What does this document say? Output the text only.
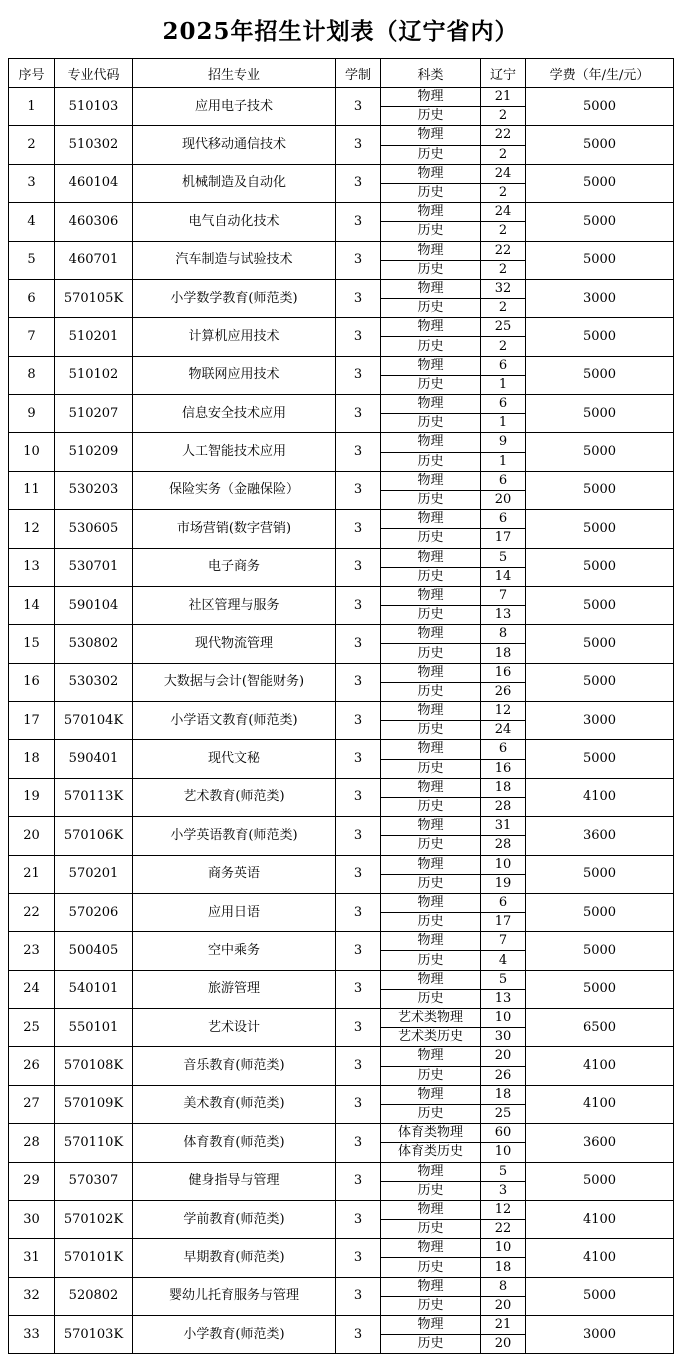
2025年招生计划表（辽宁省内）
序号	专业代码	招生专业	学制	科类	辽宁	学费（年/生/元）
1	510103	应用电子技术	3	物理	21	5000
				历史	2	
2	510302	现代移动通信技术	3	物理	22	5000
				历史	2	
3	460104	机械制造及自动化	3	物理	24	5000
				历史	2	
4	460306	电气自动化技术	3	物理	24	5000
				历史	2	
5	460701	汽车制造与试验技术	3	物理	22	5000
				历史	2	
6	570105K	小学数学教育(师范类)	3	物理	32	3000
				历史	2	
7	510201	计算机应用技术	3	物理	25	5000
				历史	2	
8	510102	物联网应用技术	3	物理	6	5000
				历史	1	
9	510207	信息安全技术应用	3	物理	6	5000
				历史	1	
10	510209	人工智能技术应用	3	物理	9	5000
				历史	1	
11	530203	保险实务（金融保险）	3	物理	6	5000
				历史	20	
12	530605	市场营销(数字营销)	3	物理	6	5000
				历史	17	
13	530701	电子商务	3	物理	5	5000
				历史	14	
14	590104	社区管理与服务	3	物理	7	5000
				历史	13	
15	530802	现代物流管理	3	物理	8	5000
				历史	18	
16	530302	大数据与会计(智能财务)	3	物理	16	5000
				历史	26	
17	570104K	小学语文教育(师范类)	3	物理	12	3000
				历史	24	
18	590401	现代文秘	3	物理	6	5000
				历史	16	
19	570113K	艺术教育(师范类)	3	物理	18	4100
				历史	28	
20	570106K	小学英语教育(师范类)	3	物理	31	3600
				历史	28	
21	570201	商务英语	3	物理	10	5000
				历史	19	
22	570206	应用日语	3	物理	6	5000
				历史	17	
23	500405	空中乘务	3	物理	7	5000
				历史	4	
24	540101	旅游管理	3	物理	5	5000
				历史	13	
25	550101	艺术设计	3	艺术类物理	10	6500
				艺术类历史	30	
26	570108K	音乐教育(师范类)	3	物理	20	4100
				历史	26	
27	570109K	美术教育(师范类)	3	物理	18	4100
				历史	25	
28	570110K	体育教育(师范类)	3	体育类物理	60	3600
				体育类历史	10	
29	570307	健身指导与管理	3	物理	5	5000
				历史	3	
30	570102K	学前教育(师范类)	3	物理	12	4100
				历史	22	
31	570101K	早期教育(师范类)	3	物理	10	4100
				历史	18	
32	520802	婴幼儿托育服务与管理	3	物理	8	5000
				历史	20	
33	570103K	小学教育(师范类)	3	物理	21	3000
				历史	20	
